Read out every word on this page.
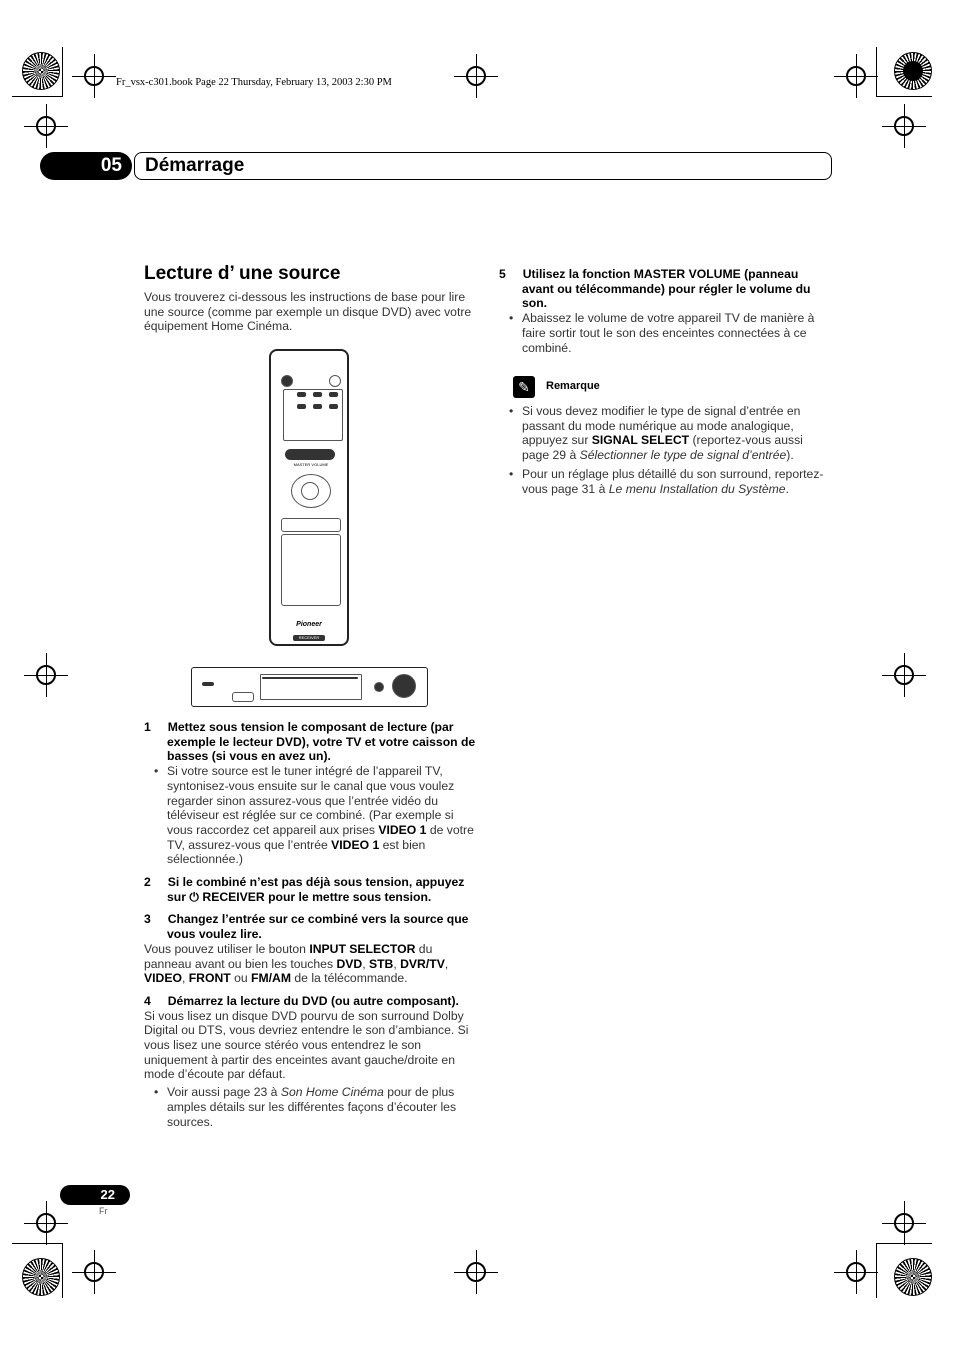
Fr_vsx-c301.book Page 22 Thursday, February 13, 2003 2:30 PM
05	Démarrage
Lecture d’ une source

Vous trouverez ci-dessous les instructions de base pour lire une source (comme par exemple un disque DVD) avec votre équipement Home Cinéma.

MASTER VOLUME
Pioneer
RECEIVER

1     Mettez sous tension le composant de lecture (par exemple le lecteur DVD), votre TV et votre caisson de basses (si vous en avez un).

• Si votre source est le tuner intégré de l’appareil TV, syntonisez-vous ensuite sur le canal que vous voulez regarder sinon assurez-vous que l’entrée vidéo du téléviseur est réglée sur ce combiné. (Par exemple si vous raccordez cet appareil aux prises VIDEO 1 de votre TV, assurez-vous que l’entrée VIDEO 1 est bien sélectionnée.)

2     Si le combiné n’est pas déjà sous tension, appuyez sur ⏻ RECEIVER pour le mettre sous tension.

3     Changez l’entrée sur ce combiné vers la source que vous voulez lire.

Vous pouvez utiliser le bouton INPUT SELECTOR du panneau avant ou bien les touches DVD, STB, DVR/TV, VIDEO, FRONT ou FM/AM de la télécommande.

4     Démarrez la lecture du DVD (ou autre composant).

Si vous lisez un disque DVD pourvu de son surround Dolby Digital ou DTS, vous devriez entendre le son d’ambiance. Si vous lisez une source stéréo vous entendrez le son uniquement à partir des enceintes avant gauche/droite en mode d’écoute par défaut.

• Voir aussi page 23 à Son Home Cinéma pour de plus amples détails sur les différentes façons d’écouter les sources.

5     Utilisez la fonction MASTER VOLUME (panneau avant ou télécommande) pour régler le volume du son.

• Abaissez le volume de votre appareil TV de manière à faire sortir tout le son des enceintes connectées à ce combiné.

✎	Remarque

• Si vous devez modifier le type de signal d’entrée en passant du mode numérique au mode analogique, appuyez sur SIGNAL SELECT (reportez-vous aussi page 29 à Sélectionner le type de signal d’entrée).

• Pour un réglage plus détaillé du son surround, reportez-vous page 31 à Le menu Installation du Système.

22
Fr
